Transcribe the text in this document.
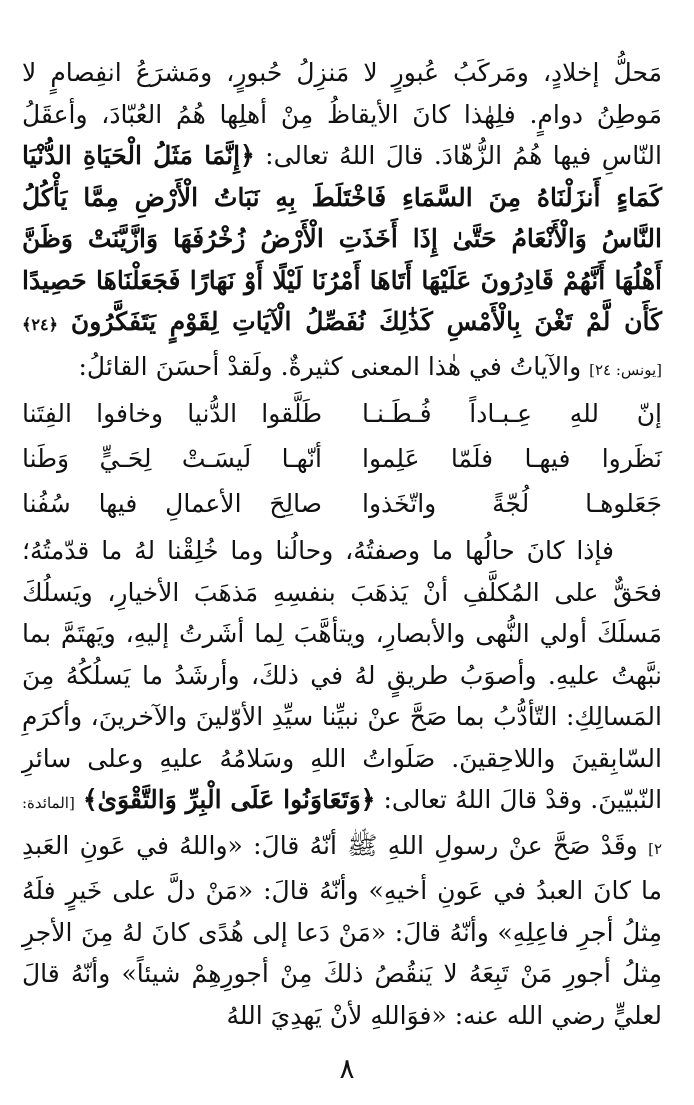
مَحلُّ إخلادٍ، ومَركَبُ عُبورٍ لا مَنزِلُ حُبورٍ، ومَشرَعُ انفِصامٍ لا مَوطِنُ دوامٍ. فلِهٰذا كانَ الأيقاظُ مِنْ أهلِها هُمُ العُبّادَ، وأعقَلُ النّاسِ فيها هُمُ الزُّهّادَ. قالَ اللهُ تعالى: ﴿إِنَّمَا مَثَلُ الْحَيَاةِ الدُّنْيَا كَمَاءٍ أَنزَلْنَاهُ مِنَ السَّمَاءِ فَاخْتَلَطَ بِهِ نَبَاتُ الْأَرْضِ مِمَّا يَأْكُلُ النَّاسُ وَالْأَنْعَامُ حَتَّىٰ إِذَا أَخَذَتِ الْأَرْضُ زُخْرُفَهَا وَازَّيَّنَتْ وَظَنَّ أَهْلُهَا أَنَّهُمْ قَادِرُونَ عَلَيْهَا أَتَاهَا أَمْرُنَا لَيْلًا أَوْ نَهَارًا فَجَعَلْنَاهَا حَصِيدًا كَأَن لَّمْ تَغْنَ بِالْأَمْسِ كَذَٰلِكَ نُفَصِّلُ الْآيَاتِ لِقَوْمٍ يَتَفَكَّرُونَ ﴿٢٤﴾ [يونس: ٢٤] والآياتُ في هٰذا المعنى كثيرةٌ. ولَقدْ أحسَنَ القائلُ:

إنّ للهِ عِـبـاداً فُـطَـنـا
طَلَّقوا الدُّنيا وخافوا الفِتَنا
نَظَروا فيهـا فلَمّا عَلِموا
أنّهـا لَيسَـتْ لِحَـيٍّ وَطَنا
جَعَلوهـا لُجّةً واتّخَذوا
صالِحَ الأعمالِ فيها سُفُنا

فإذا كانَ حالُها ما وصفتُهُ، وحالُنا وما خُلِقْنا لهُ ما قدّمتُهُ؛ فحَقٌّ على المُكلَّفِ أنْ يَذهَبَ بنفسِهِ مَذهَبَ الأخيارِ، ويَسلُكَ مَسلَكَ أولي النُّهى والأبصارِ، ويتأهَّبَ لِما أشَرتُ إليهِ، ويَهتَمَّ بما نبَّهتُ عليهِ. وأصوَبُ طريقٍ لهُ في ذلكَ، وأرشَدُ ما يَسلُكُهُ مِنَ المَسالِكِ: التّأدُّبُ بما صَحَّ عنْ نبيِّنا سيِّدِ الأوّلينَ والآخرينَ، وأكرَمِ السّابِقينَ واللاحِقينَ. صَلَواتُ اللهِ وسَلامُهُ عليهِ وعلى سائرِ النّبيّينَ. وقدْ قالَ اللهُ تعالى: ﴿وَتَعَاوَنُوا عَلَى الْبِرِّ وَالتَّقْوَىٰ﴾ [المائدة: ٢] وقَدْ صَحَّ عنْ رسولِ اللهِ ﷺ أنّهُ قالَ: «واللهُ في عَونِ العَبدِ ما كانَ العبدُ في عَونِ أخيهِ» وأنّهُ قالَ: «مَنْ دلَّ على خَيرٍ فلَهُ مِثلُ أجرِ فاعِلِهِ» وأنّهُ قالَ: «مَنْ دَعا إلى هُدًى كانَ لهُ مِنَ الأجرِ مِثلُ أجورِ مَنْ تَبِعَهُ لا يَنقُصُ ذلكَ مِنْ أجورِهِمْ شيئاً» وأنّهُ قالَ لعليٍّ رضي الله عنه: «فوَاللهِ لأنْ يَهدِيَ اللهُ

٨
